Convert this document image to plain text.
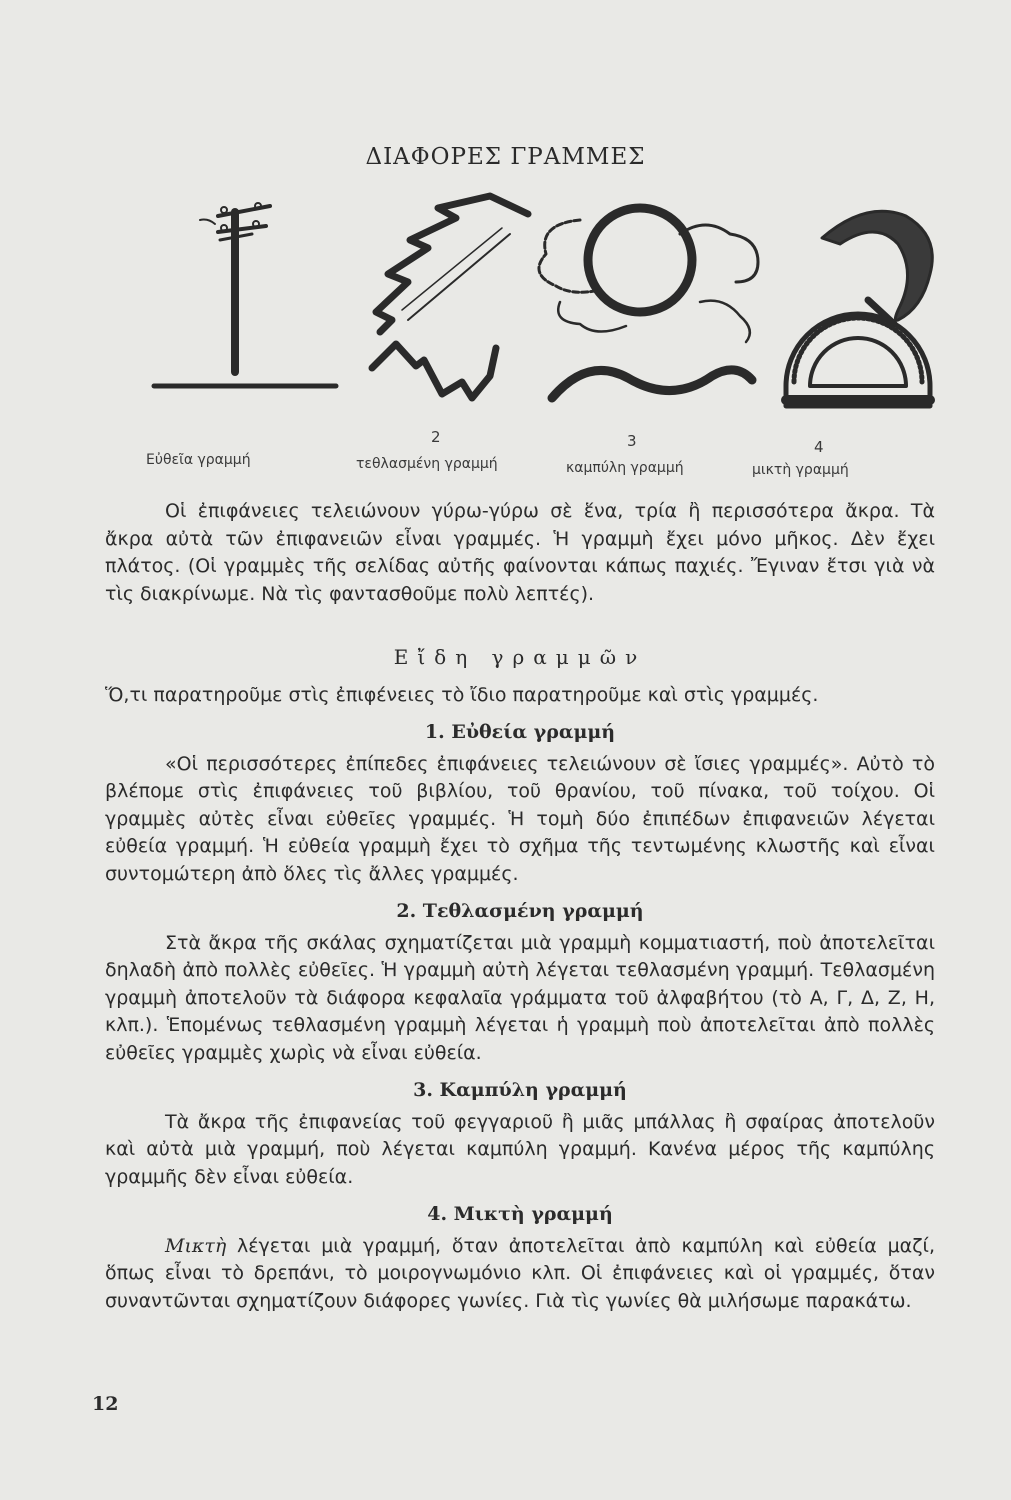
ΔΙΑΦΟΡΕΣ ΓΡΑΜΜΕΣ
Εὐθεῖα γραμμή
2
τεθλασμένη γραμμή
3
καμπύλη γραμμή
4
μικτὴ γραμμή

Οἱ ἐπιφάνειες τελειώνουν γύρω-γύρω σὲ ἕνα, τρία ἢ περισσότερα ἄκρα. Τὰ ἄκρα αὐτὰ τῶν ἐπιφανειῶν εἶναι γραμμές. Ἡ γραμμὴ ἔχει μόνο μῆκος. Δὲν ἔχει πλάτος. (Οἱ γραμμὲς τῆς σελίδας αὐτῆς φαίνονται κάπως παχιές. Ἔγιναν ἔτσι γιὰ νὰ τὶς διακρίνωμε. Νὰ τὶς φαντασθοῦμε πολὺ λεπτές).

Εἴδη γραμμῶν

Ὅ,τι παρατηροῦμε στὶς ἐπιφένειες τὸ ἴδιο παρατηροῦμε καὶ στὶς γραμμές.

1. Εὐθεία γραμμή

«Οἱ περισσότερες ἐπίπεδες ἐπιφάνειες τελειώνουν σὲ ἴσιες γραμμές». Αὐτὸ τὸ βλέπομε στὶς ἐπιφάνειες τοῦ βιβλίου, τοῦ θρανίου, τοῦ πίνακα, τοῦ τοίχου. Οἱ γραμμὲς αὐτὲς εἶναι εὐθεῖες γραμμές. Ἡ τομὴ δύο ἐπιπέδων ἐπιφανειῶν λέγεται εὐθεία γραμμή. Ἡ εὐθεία γραμμὴ ἔχει τὸ σχῆμα τῆς τεντωμένης κλωστῆς καὶ εἶναι συντομώτερη ἀπὸ ὅλες τὶς ἄλλες γραμμές.

2. Τεθλασμένη γραμμή

Στὰ ἄκρα τῆς σκάλας σχηματίζεται μιὰ γραμμὴ κομματιαστή, ποὺ ἀποτελεῖται δηλαδὴ ἀπὸ πολλὲς εὐθεῖες. Ἡ γραμμὴ αὐτὴ λέγεται τεθλασμένη γραμμή. Τεθλασμένη γραμμὴ ἀποτελοῦν τὰ διάφορα κεφαλαῖα γράμματα τοῦ ἀλφαβήτου (τὸ Α, Γ, Δ, Ζ, Η, κλπ.). Ἑπομένως τεθλασμένη γραμμὴ λέγεται ἡ γραμμὴ ποὺ ἀποτελεῖται ἀπὸ πολλὲς εὐθεῖες γραμμὲς χωρὶς νὰ εἶναι εὐθεία.

3. Καμπύλη γραμμή

Τὰ ἄκρα τῆς ἐπιφανείας τοῦ φεγγαριοῦ ἢ μιᾶς μπάλλας ἢ σφαίρας ἀποτελοῦν καὶ αὐτὰ μιὰ γραμμή, ποὺ λέγεται καμπύλη γραμμή. Κανένα μέρος τῆς καμπύλης γραμμῆς δὲν εἶναι εὐθεία.

4. Μικτὴ γραμμή

Μικτὴ λέγεται μιὰ γραμμή, ὅταν ἀποτελεῖται ἀπὸ καμπύλη καὶ εὐθεία μαζί, ὅπως εἶναι τὸ δρεπάνι, τὸ μοιρογνωμόνιο κλπ. Οἱ ἐπιφάνειες καὶ οἱ γραμμές, ὅταν συναντῶνται σχηματίζουν διάφορες γωνίες. Γιὰ τὶς γωνίες θὰ μιλήσωμε παρακάτω.

12
